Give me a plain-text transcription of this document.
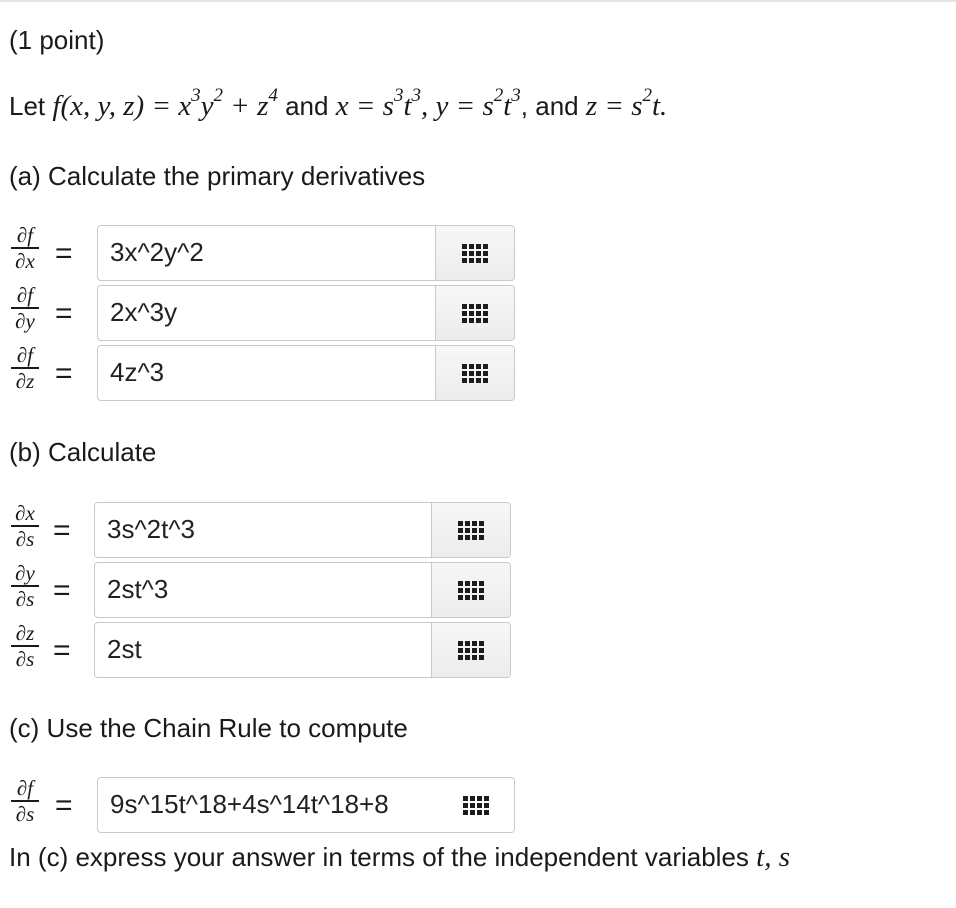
(1 point)
Let f(x, y, $z) = x^3y^2 + z^4$ and $x = s^3t^3$, $y = s^2t^3$, and $z = s^2t$.
(a) Calculate the primary derivatives
∂f
∂x =	3x^2y^2
∂f
∂y =	2x^3y
∂f
∂z =	4z^3
(b) Calculate
∂x
∂s =	3s^2t^3
∂y
∂s =	2st^3
∂z
∂s =	2st
(c) Use the Chain Rule to compute
∂f
∂s =	9s^15t^18+4s^14t^18+8
In (c) express your answer in terms of the independent variables t, s
